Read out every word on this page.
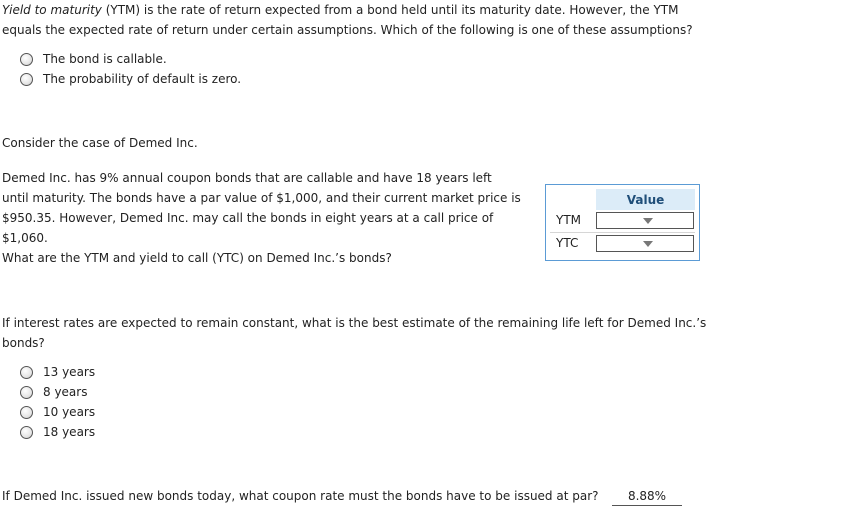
Yield to maturity (YTM) is the rate of return expected from a bond held until its maturity date. However, the YTM equals the expected rate of return under certain assumptions. Which of the following is one of these assumptions?
The bond is callable.
The probability of default is zero.
Consider the case of Demed Inc.
Demed Inc. has 9% annual coupon bonds that are callable and have 18 years left until maturity. The bonds have a par value of $1,000, and their current market price is $950.35. However, Demed Inc. may call the bonds in eight years at a call price of $1,060.
What are the YTM and yield to call (YTC) on Demed Inc.’s bonds?
Value
YTM
YTC
If interest rates are expected to remain constant, what is the best estimate of the remaining life left for Demed Inc.’s bonds?
13 years
8 years
10 years
18 years
If Demed Inc. issued new bonds today, what coupon rate must the bonds have to be issued at par?	8.88%
